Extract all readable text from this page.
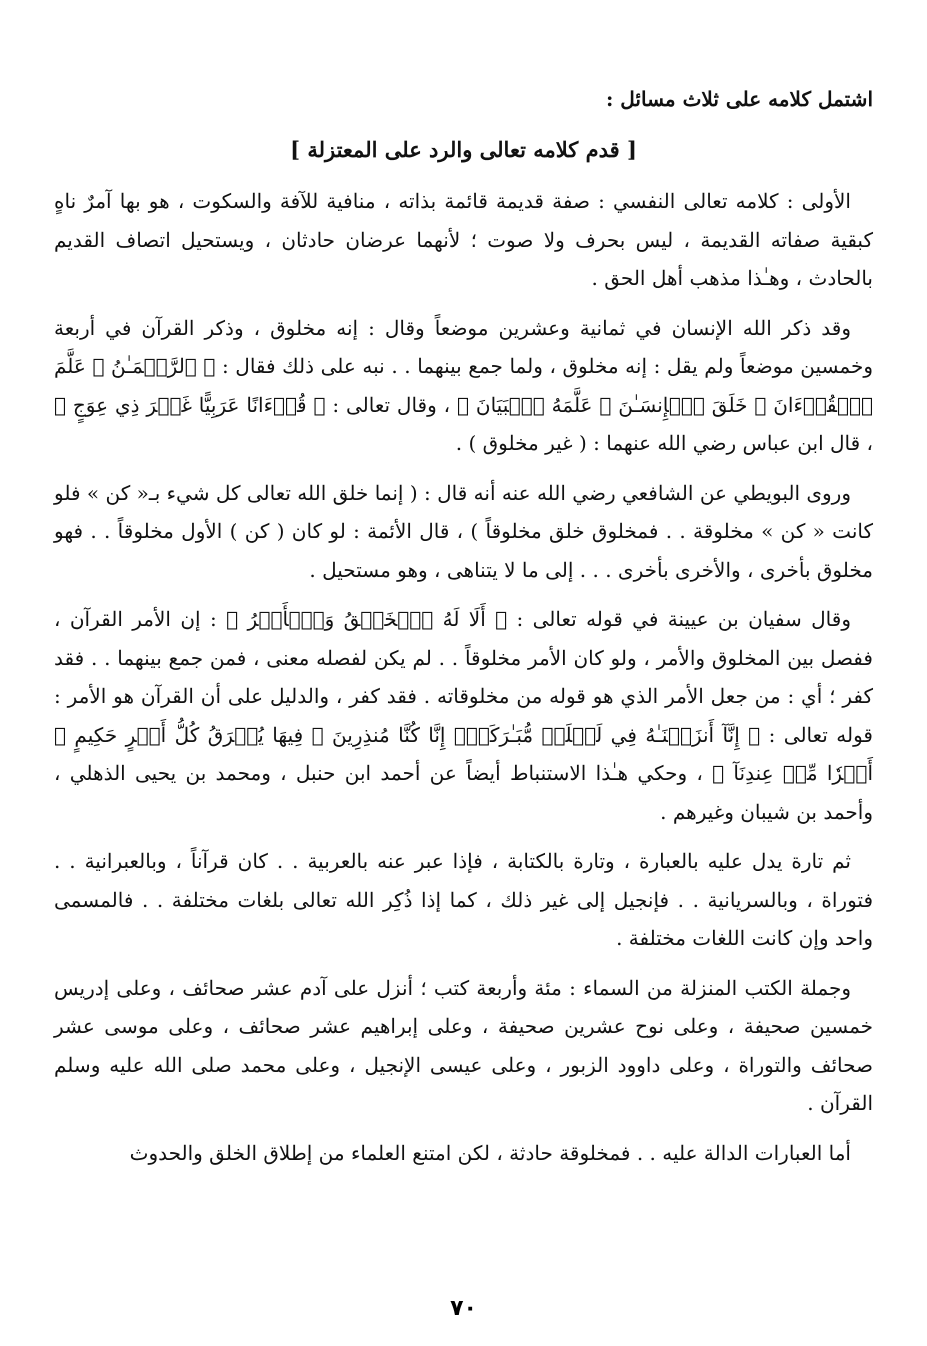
اشتمل كلامه على ثلاث مسائل :

[ قدم كلامه تعالى والرد على المعتزلة ]

الأولى : كلامه تعالى النفسي : صفة قديمة قائمة بذاته ، منافية للآفة والسكوت ، هو بها آمرٌ ناهٍ كبقية صفاته القديمة ، ليس بحرف ولا صوت ؛ لأنهما عرضان حادثان ، ويستحيل اتصاف القديم بالحادث ، وهـٰذا مذهب أهل الحق .

وقد ذكر الله الإنسان في ثمانية وعشرين موضعاً وقال : إنه مخلوق ، وذكر القرآن في أربعة وخمسين موضعاً ولم يقل : إنه مخلوق ، ولما جمع بينهما . . نبه على ذلك فقال : ﴿ ٱلرَّحۡمَـٰنُ ۞ عَلَّمَ ٱلۡقُرۡءَانَ ۞ خَلَقَ ٱلۡإِنسَـٰنَ ۞ عَلَّمَهُ ٱلۡبَيَانَ ﴾ ، وقال تعالى : ﴿ قُرۡءَانًا عَرَبِيًّا غَيۡرَ ذِي عِوَجٍ ﴾ ، قال ابن عباس رضي الله عنهما : ( غير مخلوق ) .

وروى البويطي عن الشافعي رضي الله عنه أنه قال : ( إنما خلق الله تعالى كل شيء بـ« كن » فلو كانت « كن » مخلوقة . . فمخلوق خلق مخلوقاً ) ، قال الأئمة : لو كان ( كن ) الأول مخلوقاً . . فهو مخلوق بأخرى ، والأخرى بأخرى . . . إلى ما لا يتناهى ، وهو مستحيل .

وقال سفيان بن عيينة في قوله تعالى : ﴿ أَلَا لَهُ ٱلۡخَلۡقُ وَٱلۡأَمۡرُ ﴾ : إن الأمر القرآن ، ففصل بين المخلوق والأمر ، ولو كان الأمر مخلوقاً . . لم يكن لفصله معنى ، فمن جمع بينهما . . فقد كفر ؛ أي : من جعل الأمر الذي هو قوله من مخلوقاته . فقد كفر ، والدليل على أن القرآن هو الأمر : قوله تعالى : ﴿ إِنَّآ أَنزَلۡنَـٰهُ فِي لَيۡلَةٖ مُّبَـٰرَكَةٍۚ إِنَّا كُنَّا مُنذِرِينَ ۞ فِيهَا يُفۡرَقُ كُلُّ أَمۡرٍ حَكِيمٍ ۞ أَمۡرٗا مِّنۡ عِندِنَآ ﴾ ، وحكي هـٰذا الاستنباط أيضاً عن أحمد ابن حنبل ، ومحمد بن يحيى الذهلي ، وأحمد بن شيبان وغيرهم .

ثم تارة يدل عليه بالعبارة ، وتارة بالكتابة ، فإذا عبر عنه بالعربية . . كان قرآناً ، وبالعبرانية . . فتوراة ، وبالسريانية . . فإنجيل إلى غير ذلك ، كما إذا ذُكِر الله تعالى بلغات مختلفة . . فالمسمى واحد وإن كانت اللغات مختلفة .

وجملة الكتب المنزلة من السماء : مئة وأربعة كتب ؛ أنزل على آدم عشر صحائف ، وعلى إدريس خمسين صحيفة ، وعلى نوح عشرين صحيفة ، وعلى إبراهيم عشر صحائف ، وعلى موسى عشر صحائف والتوراة ، وعلى داوود الزبور ، وعلى عيسى الإنجيل ، وعلى محمد صلى الله عليه وسلم القرآن .

أما العبارات الدالة عليه . . فمخلوقة حادثة ، لكن امتنع العلماء من إطلاق الخلق والحدوث

٧٠
